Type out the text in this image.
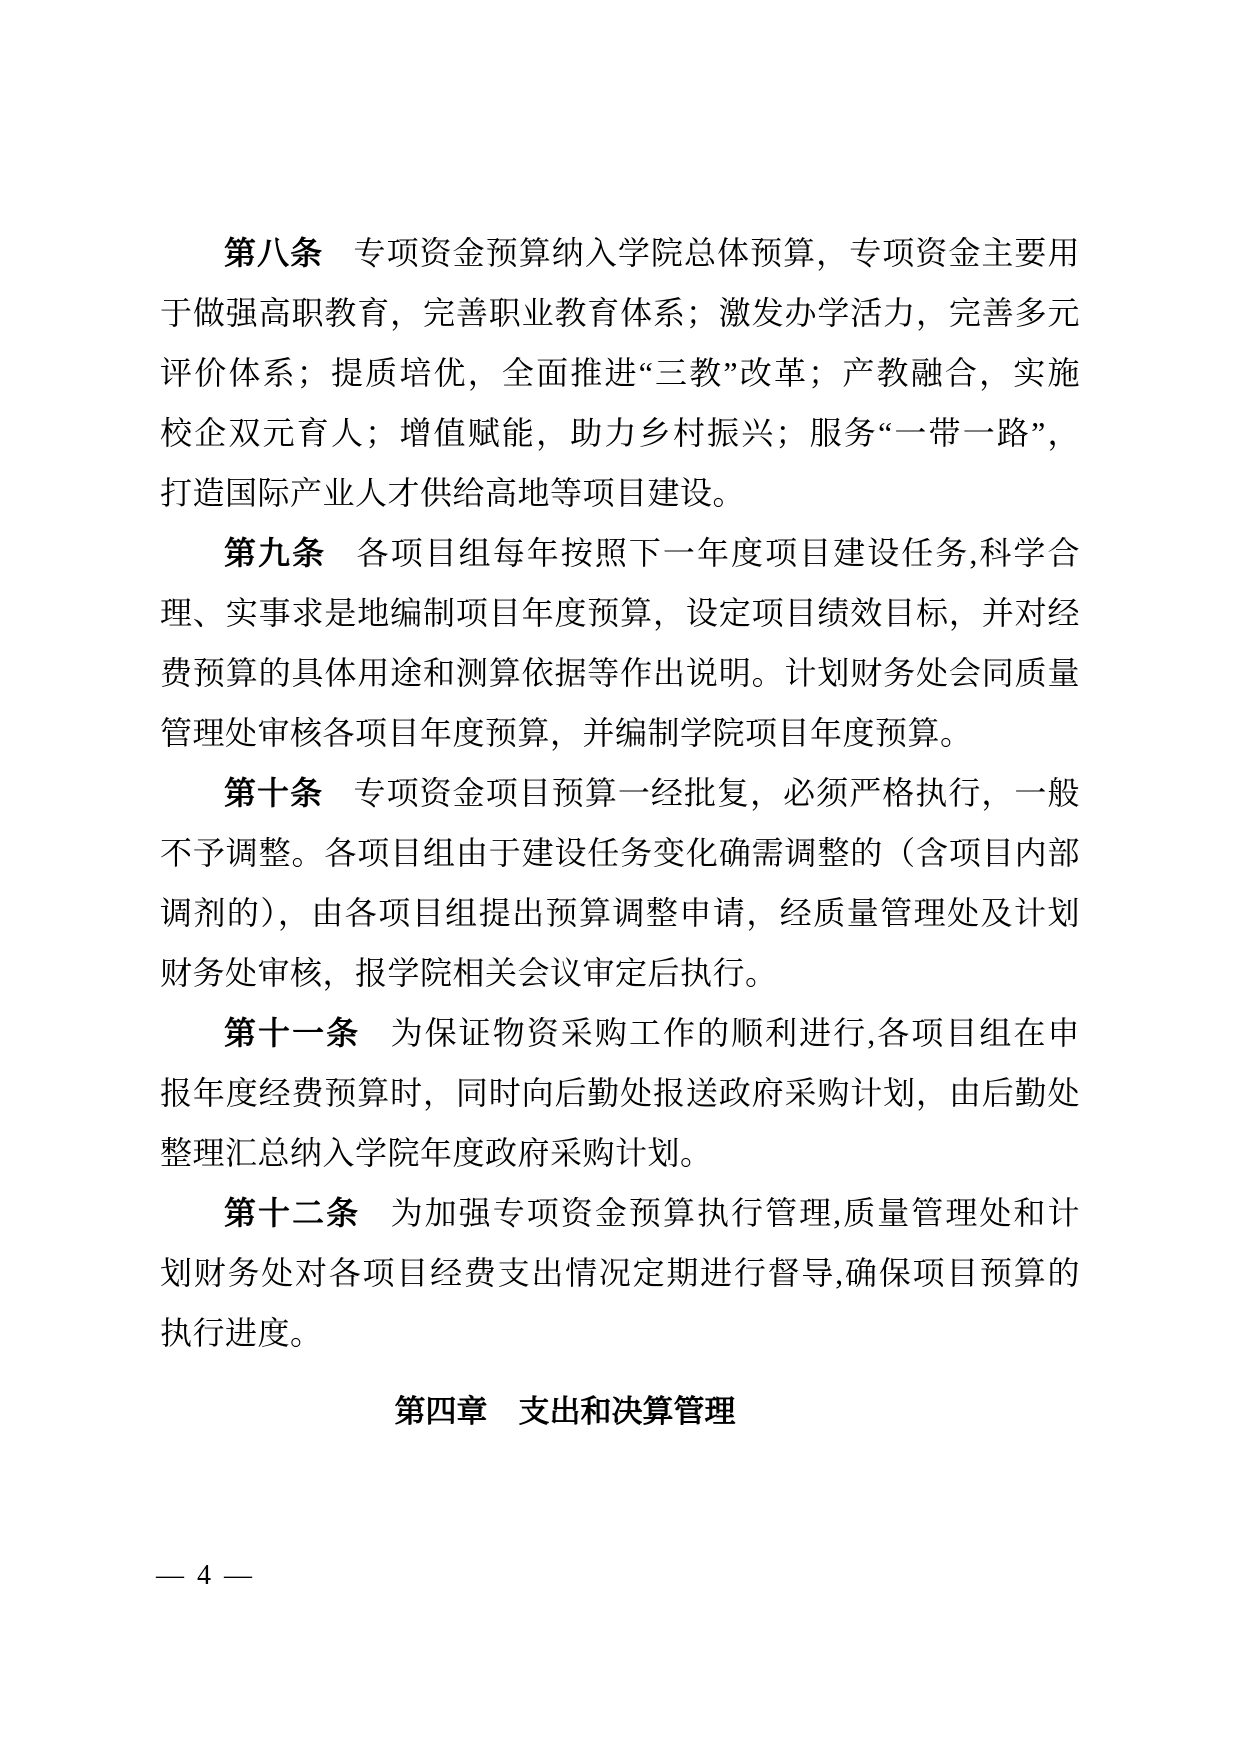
第八条 专项资金预算纳入学院总体预算，专项资金主要用
于做强高职教育，完善职业教育体系；激发办学活力，完善多元
评价体系；提质培优，全面推进“三教”改革；产教融合，实施
校企双元育人；增值赋能，助力乡村振兴；服务“一带一路”，
打造国际产业人才供给高地等项目建设。
第九条 各项目组每年按照下一年度项目建设任务,科学合
理、实事求是地编制项目年度预算，设定项目绩效目标，并对经
费预算的具体用途和测算依据等作出说明。计划财务处会同质量
管理处审核各项目年度预算，并编制学院项目年度预算。
第十条 专项资金项目预算一经批复，必须严格执行，一般
不予调整。各项目组由于建设任务变化确需调整的（含项目内部
调剂的），由各项目组提出预算调整申请，经质量管理处及计划
财务处审核，报学院相关会议审定后执行。
第十一条 为保证物资采购工作的顺利进行,各项目组在申
报年度经费预算时，同时向后勤处报送政府采购计划，由后勤处
整理汇总纳入学院年度政府采购计划。
第十二条 为加强专项资金预算执行管理,质量管理处和计
划财务处对各项目经费支出情况定期进行督导,确保项目预算的
执行进度。
第四章　支出和决算管理
— 4 —
